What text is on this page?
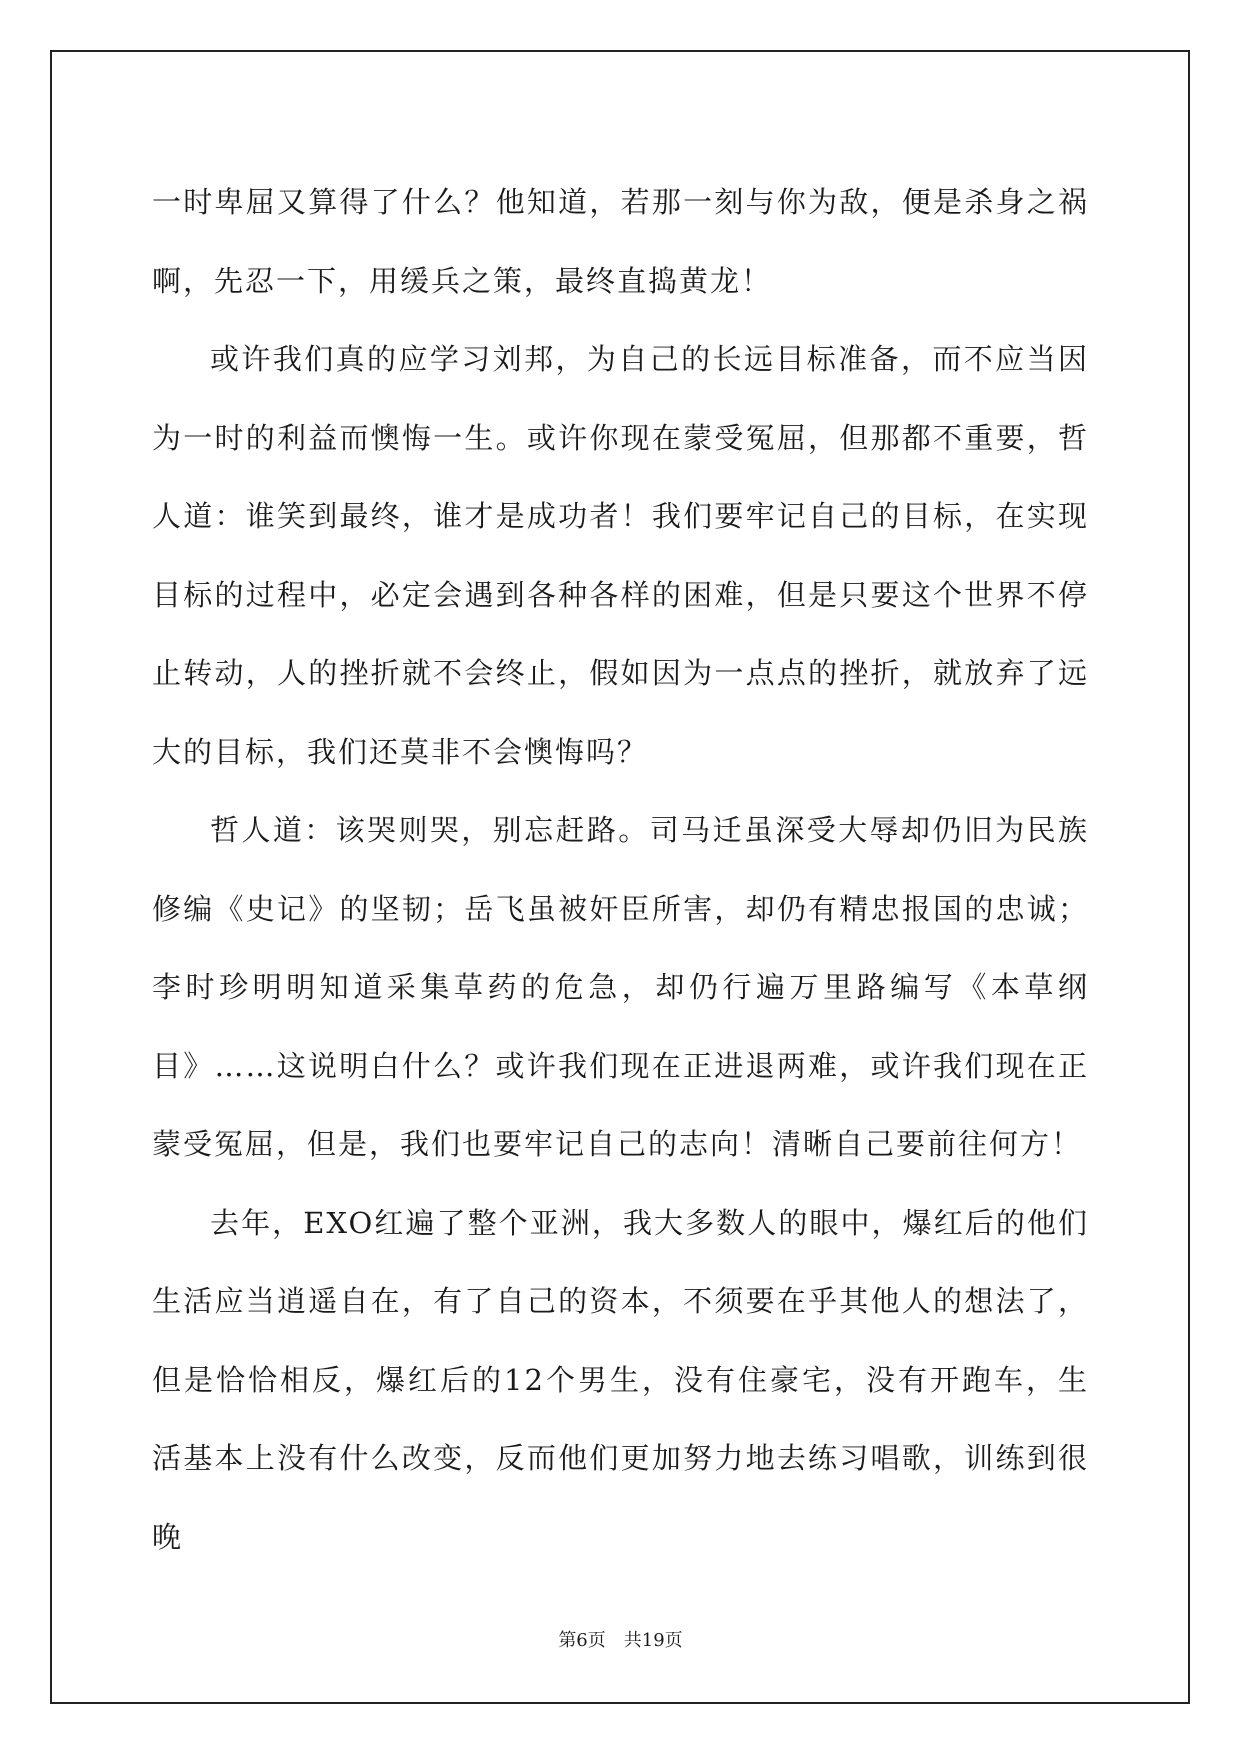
一时卑屈又算得了什么？他知道，若那一刻与你为敌，便是杀身之祸啊，先忍一下，用缓兵之策，最终直捣黄龙！

或许我们真的应学习刘邦，为自己的长远目标准备，而不应当因为一时的利益而懊悔一生。或许你现在蒙受冤屈，但那都不重要，哲人道：谁笑到最终，谁才是成功者！我们要牢记自己的目标，在实现目标的过程中，必定会遇到各种各样的困难，但是只要这个世界不停止转动，人的挫折就不会终止，假如因为一点点的挫折，就放弃了远大的目标，我们还莫非不会懊悔吗？

哲人道：该哭则哭，别忘赶路。司马迁虽深受大辱却仍旧为民族修编《史记》的坚韧；岳飞虽被奸臣所害，却仍有精忠报国的忠诚；李时珍明明知道采集草药的危急，却仍行遍万里路编写《本草纲目》……这说明白什么？或许我们现在正进退两难，或许我们现在正蒙受冤屈，但是，我们也要牢记自己的志向！清晰自己要前往何方！

去年，EXO红遍了整个亚洲，我大多数人的眼中，爆红后的他们生活应当逍遥自在，有了自己的资本，不须要在乎其他人的想法了，但是恰恰相反，爆红后的12个男生，没有住豪宅，没有开跑车，生活基本上没有什么改变，反而他们更加努力地去练习唱歌，训练到很晚

第6页 共19页
